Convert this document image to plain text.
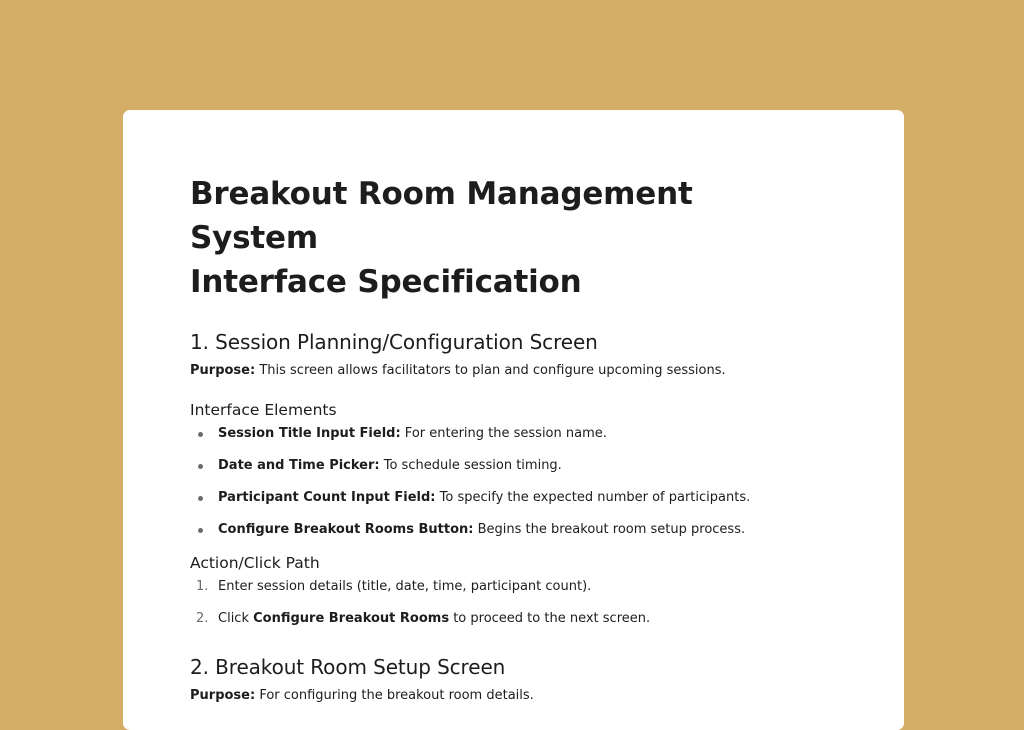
Breakout Room Management System
Interface Specification
1. Session Planning/Configuration Screen

Purpose: This screen allows facilitators to plan and configure upcoming sessions.

Interface Elements
Session Title Input Field: For entering the session name.
Date and Time Picker: To schedule session timing.
Participant Count Input Field: To specify the expected number of participants.
Configure Breakout Rooms Button: Begins the breakout room setup process.
Action/Click Path
1. Enter session details (title, date, time, participant count).
2. Click Configure Breakout Rooms to proceed to the next screen.
2. Breakout Room Setup Screen

Purpose: For configuring the breakout room details.
